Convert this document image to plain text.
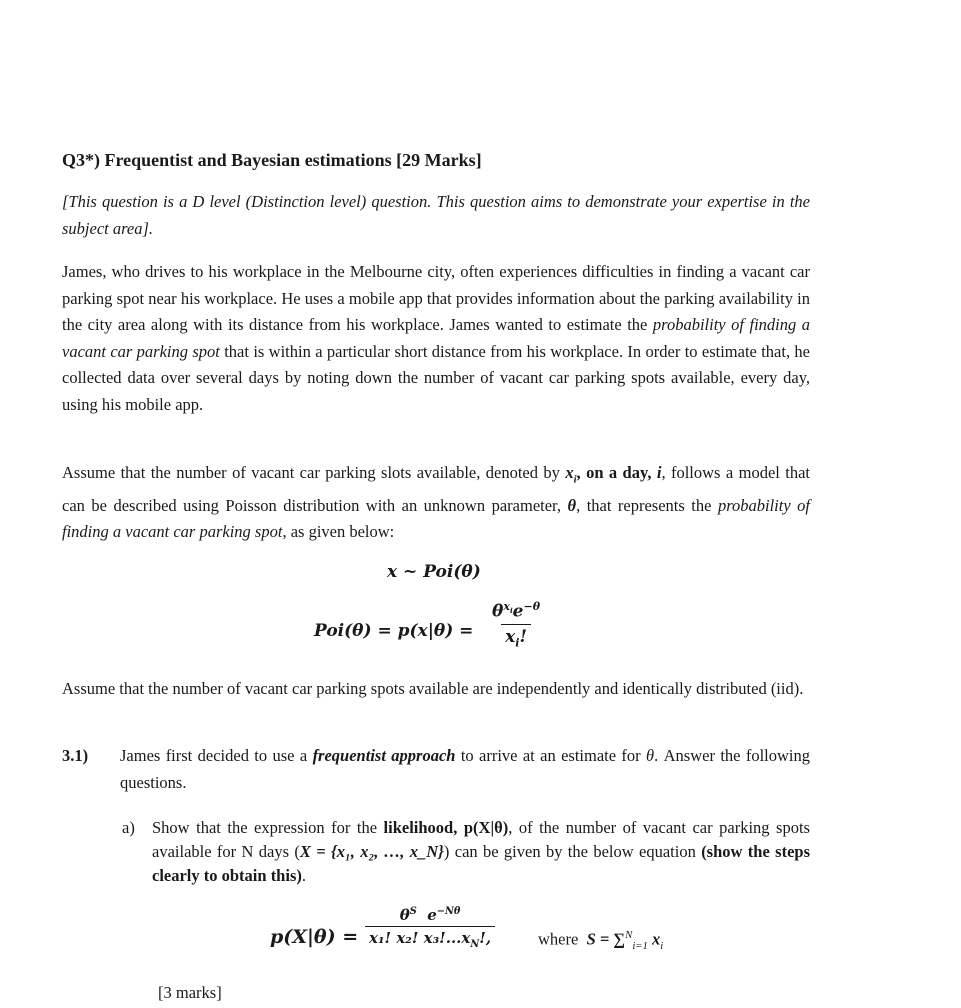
Q3*) Frequentist and Bayesian estimations [29 Marks]
[This question is a D level (Distinction level) question. This question aims to demonstrate your expertise in the subject area].
James, who drives to his workplace in the Melbourne city, often experiences difficulties in finding a vacant car parking spot near his workplace. He uses a mobile app that provides information about the parking availability in the city area along with its distance from his workplace. James wanted to estimate the probability of finding a vacant car parking spot that is within a particular short distance from his workplace. In order to estimate that, he collected data over several days by noting down the number of vacant car parking spots available, every day, using his mobile app.
Assume that the number of vacant car parking slots available, denoted by $x_i$, on a day, i, follows a model that can be described using Poisson distribution with an unknown parameter, θ, that represents the probability of finding a vacant car parking spot, as given below:
x ~ Poi(θ)
Poi(θ) = p(x|θ) =
$\theta^{x_i}e^{-\theta}$
$x_i$!
Assume that the number of vacant car parking spots available are independently and identically distributed (iid).
3.1) James first decided to use a frequentist approach to arrive at an estimate for θ. Answer the following questions.
a) Show that the expression for the likelihood, p(X|θ), of the number of vacant car parking spots available for N days (X = {x₁, x₂, …, x_N}) can be given by the below equation (show the steps clearly to obtain this).
$p(X|\theta) = \frac{\theta^S e^{-N\theta}}{x_1! x_2! x_3!...x_N!,}$	where S = ∑$^N_{i=1}$ $x_i$
[3 marks]
